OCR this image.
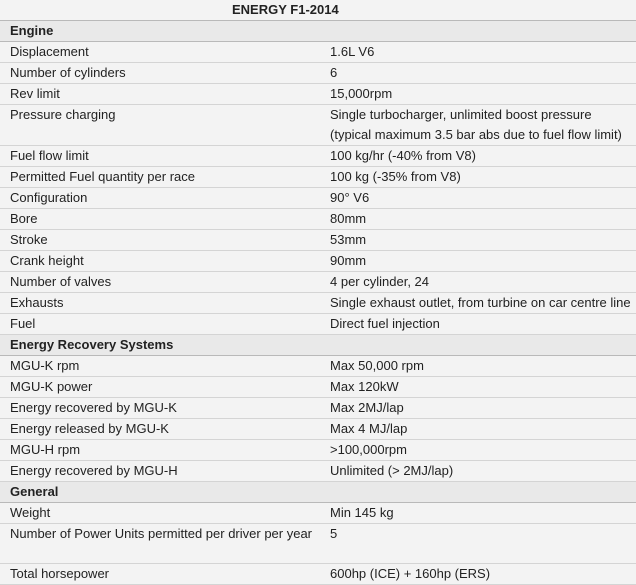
ENERGY F1-2014	
Engine	
Displacement	1.6L V6
Number of cylinders	6
Rev limit	15,000rpm
Pressure charging	Single turbocharger, unlimited boost pressure (typical maximum 3.5 bar abs due to fuel flow limit)
Fuel flow limit	100 kg/hr (-40% from V8)
Permitted Fuel quantity per race	100 kg (-35% from V8)
Configuration	90° V6
Bore	80mm
Stroke	53mm
Crank height	90mm
Number of valves	4 per cylinder, 24
Exhausts	Single exhaust outlet, from turbine on car centre line
Fuel	Direct fuel injection
Energy Recovery Systems	
MGU-K rpm	Max 50,000 rpm
MGU-K power	Max 120kW
Energy recovered by MGU-K	Max 2MJ/lap
Energy released by MGU-K	Max 4 MJ/lap
MGU-H rpm	>100,000rpm
Energy recovered by MGU-H	Unlimited (> 2MJ/lap)
General	
Weight	Min 145 kg
Number of Power Units permitted per driver per year	5
Total horsepower	600hp (ICE) + 160hp (ERS)
